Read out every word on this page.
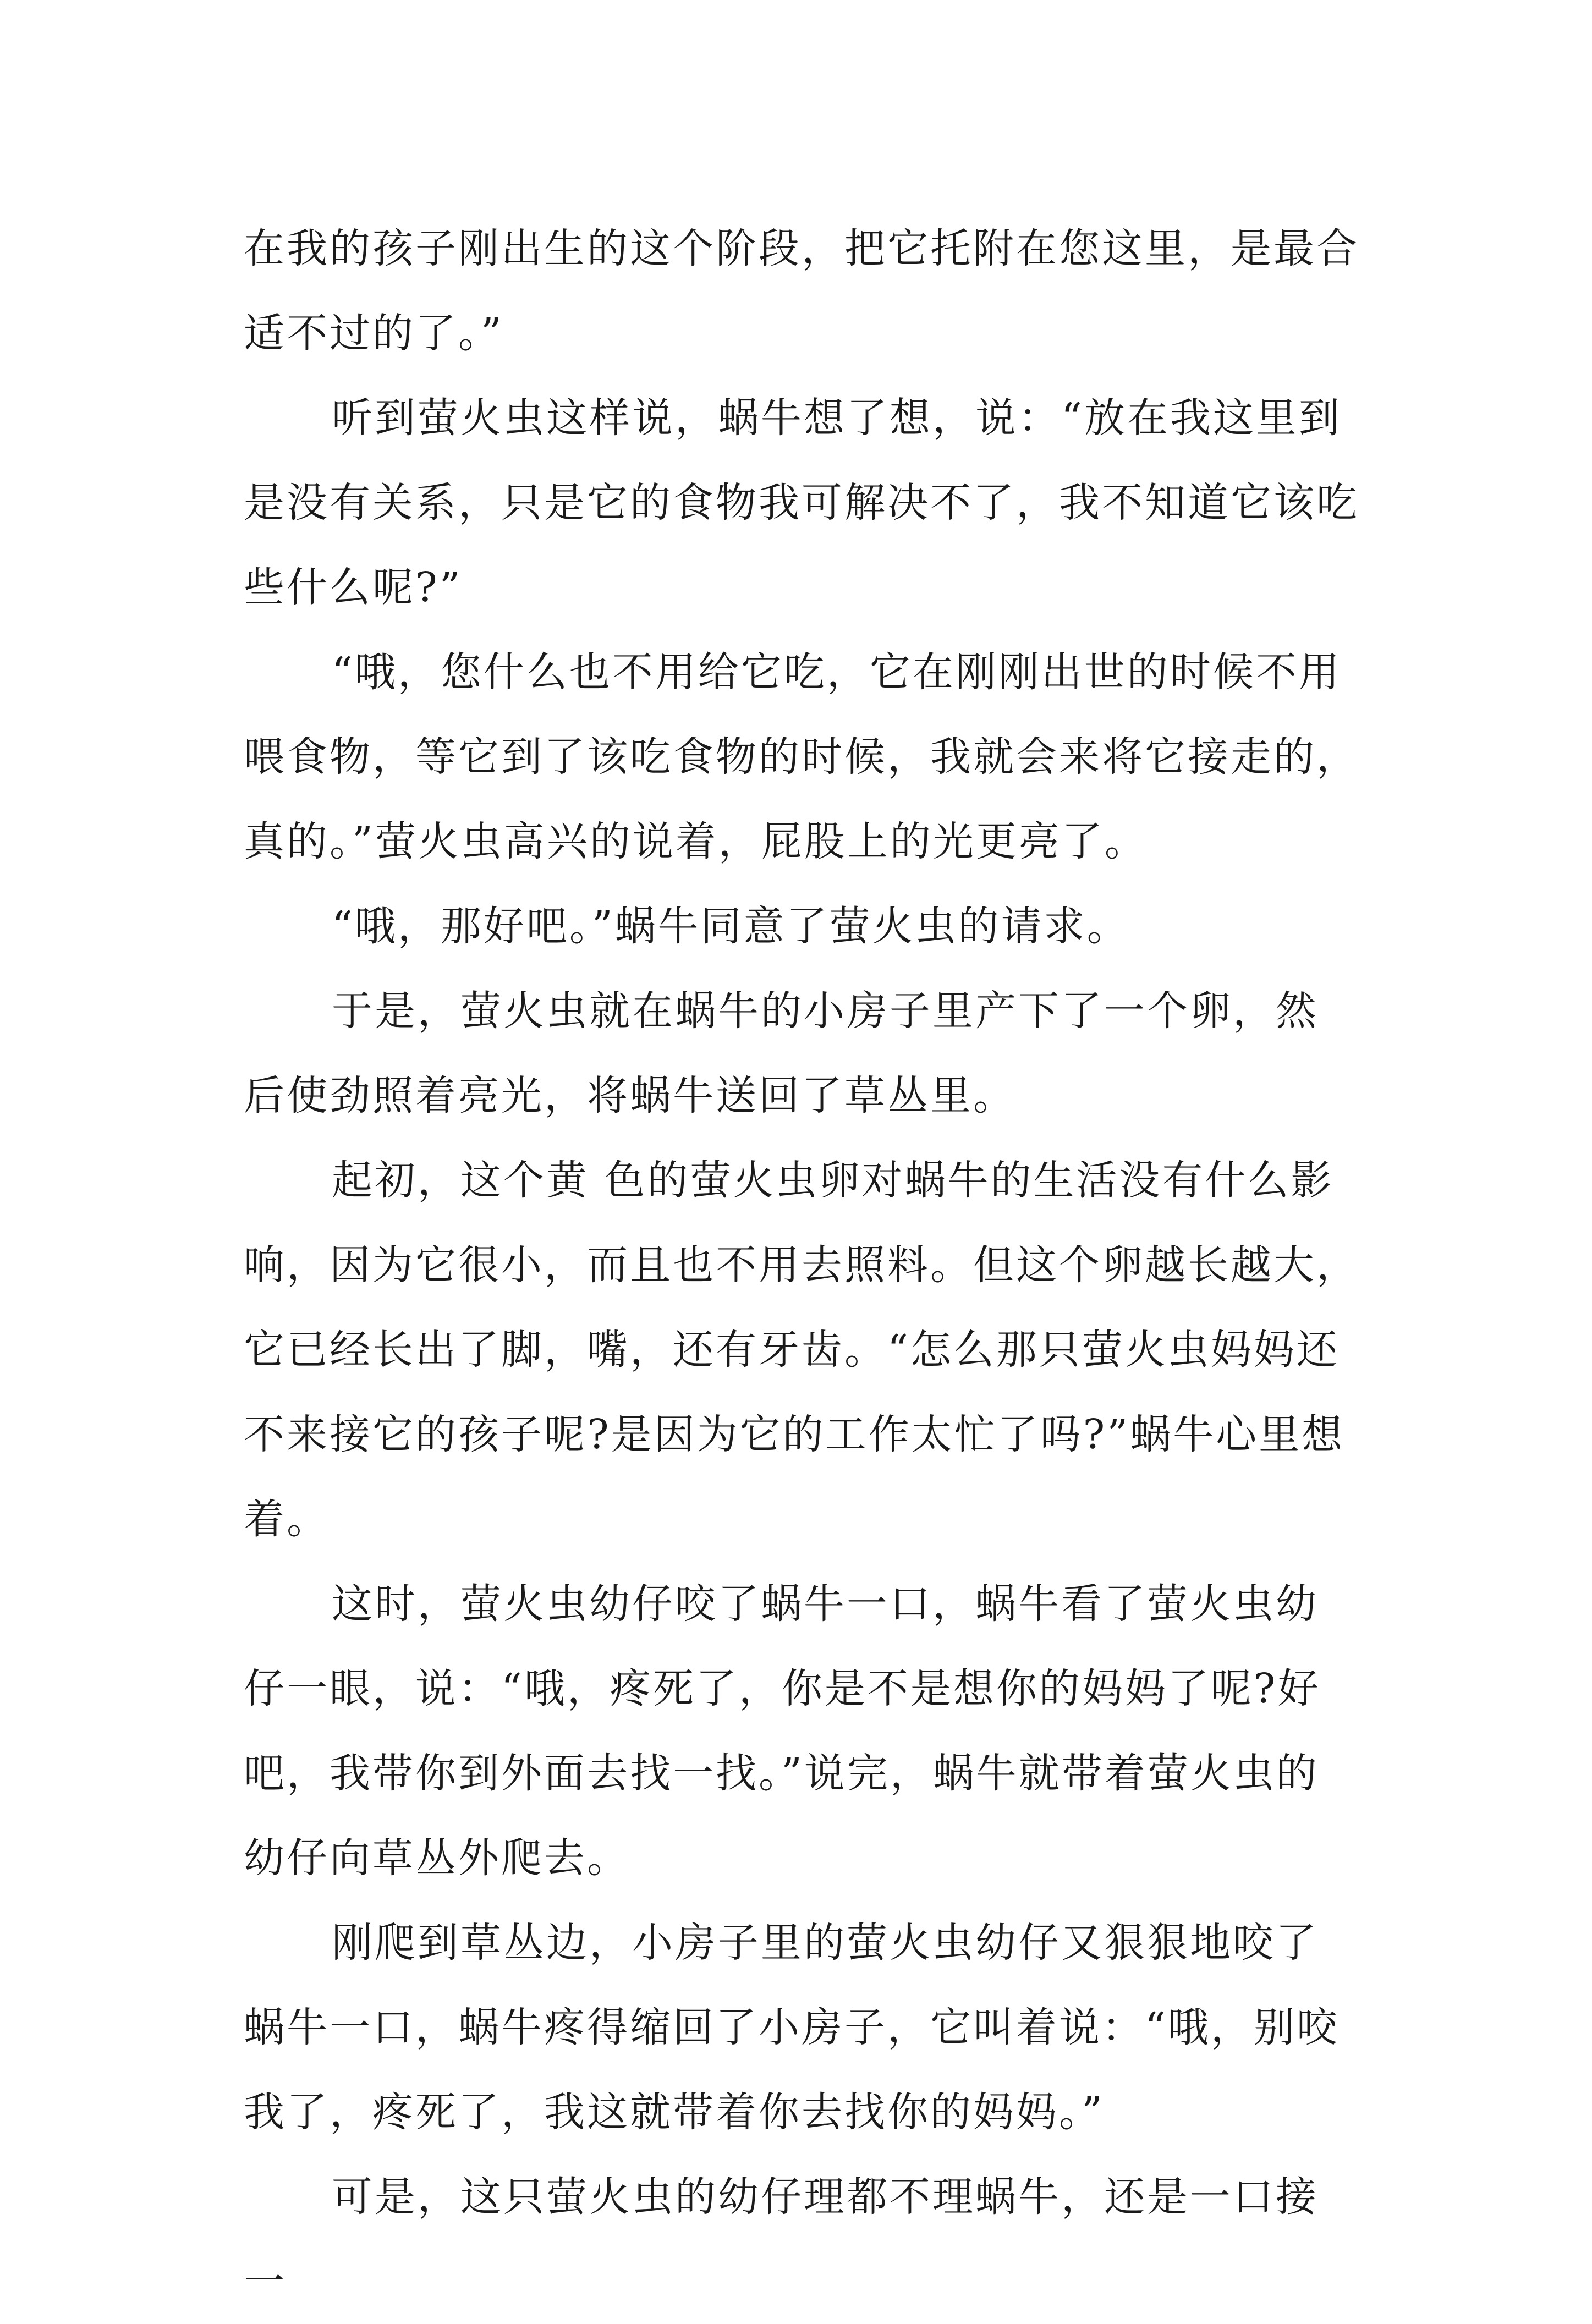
在我的孩子刚出生的这个阶段，把它托附在您这里，是最合适不过的了。”

听到萤火虫这样说，蜗牛想了想，说：“放在我这里到是没有关系，只是它的食物我可解决不了，我不知道它该吃些什么呢?”

“哦，您什么也不用给它吃，它在刚刚出世的时候不用喂食物，等它到了该吃食物的时候，我就会来将它接走的，真的。”萤火虫高兴的说着，屁股上的光更亮了。

“哦，那好吧。”蜗牛同意了萤火虫的请求。

于是，萤火虫就在蜗牛的小房子里产下了一个卵，然后使劲照着亮光，将蜗牛送回了草丛里。

起初，这个黄 色的萤火虫卵对蜗牛的生活没有什么影响，因为它很小，而且也不用去照料。但这个卵越长越大，它已经长出了脚，嘴，还有牙齿。“怎么那只萤火虫妈妈还不来接它的孩子呢?是因为它的工作太忙了吗?”蜗牛心里想着。

这时，萤火虫幼仔咬了蜗牛一口，蜗牛看了萤火虫幼仔一眼，说：“哦，疼死了，你是不是想你的妈妈了呢?好吧，我带你到外面去找一找。”说完，蜗牛就带着萤火虫的幼仔向草丛外爬去。

刚爬到草丛边，小房子里的萤火虫幼仔又狠狠地咬了蜗牛一口，蜗牛疼得缩回了小房子，它叫着说：“哦，别咬我了，疼死了，我这就带着你去找你的妈妈。”

可是，这只萤火虫的幼仔理都不理蜗牛，还是一口接一
